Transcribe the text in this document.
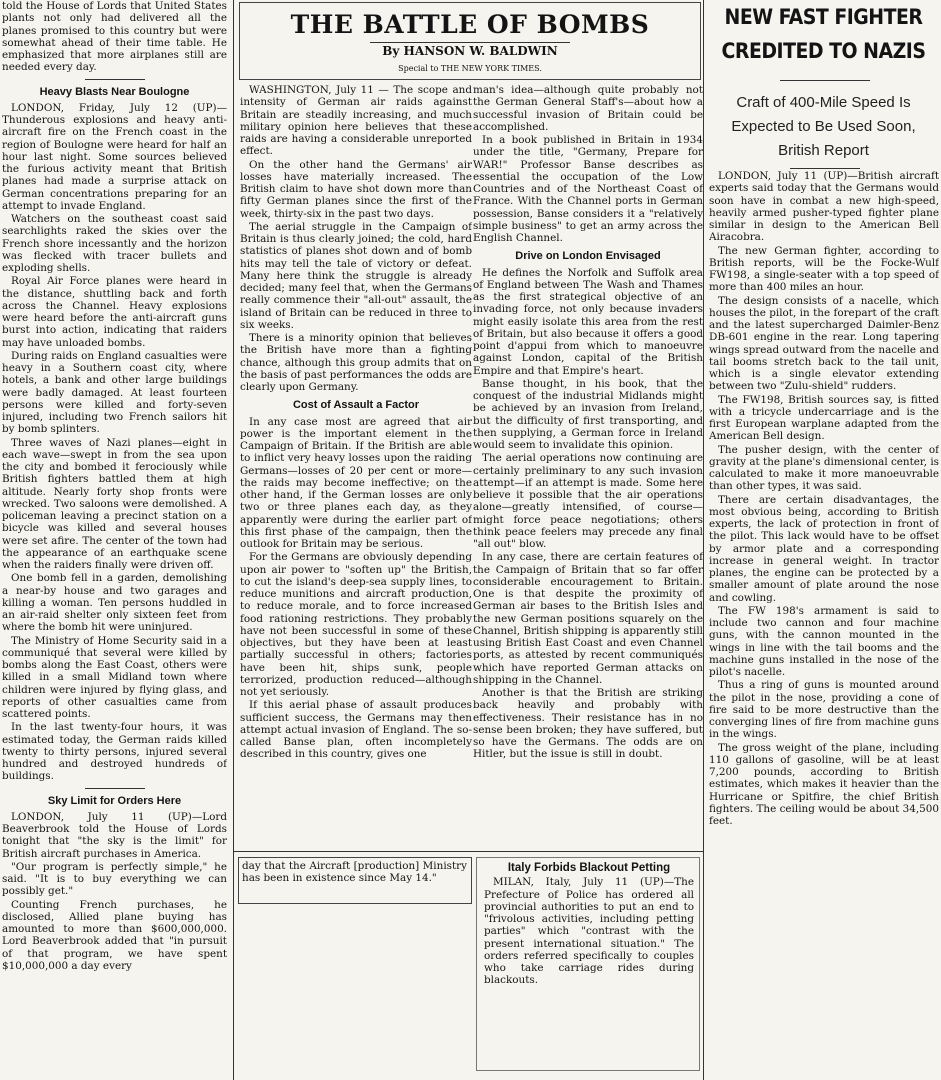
told the House of Lords that United States plants not only had delivered all the planes promised to this country but were somewhat ahead of their time table. He emphasized that more airplanes still are needed every day.

Heavy Blasts Near Boulogne

LONDON, Friday, July 12 (UP)—Thunderous explosions and heavy anti-aircraft fire on the French coast in the region of Boulogne were heard for half an hour last night. Some sources believed the furious activity meant that British planes had made a surprise attack on German concentrations preparing for an attempt to invade England.

Watchers on the southeast coast said searchlights raked the skies over the French shore incessantly and the horizon was flecked with tracer bullets and exploding shells.

Royal Air Force planes were heard in the distance, shuttling back and forth across the Channel. Heavy explosions were heard before the anti-aircraft guns burst into action, indicating that raiders may have unloaded bombs.

During raids on England casualties were heavy in a Southern coast city, where hotels, a bank and other large buildings were badly damaged. At least fourteen persons were killed and forty-seven injured, including two French sailors hit by bomb splinters.

Three waves of Nazi planes—eight in each wave—swept in from the sea upon the city and bombed it ferociously while British fighters battled them at high altitude. Nearly forty shop fronts were wrecked. Two saloons were demolished. A policeman leaving a precinct station on a bicycle was killed and several houses were set afire. The center of the town had the appearance of an earthquake scene when the raiders finally were driven off.

One bomb fell in a garden, demolishing a near-by house and two garages and killing a woman. Ten persons huddled in an air-raid shelter only sixteen feet from where the bomb hit were uninjured.

The Ministry of Home Security said in a communiqué that several were killed by bombs along the East Coast, others were killed in a small Midland town where children were injured by flying glass, and reports of other casualties came from scattered points.

In the last twenty-four hours, it was estimated today, the German raids killed twenty to thirty persons, injured several hundred and destroyed hundreds of buildings.

Sky Limit for Orders Here

LONDON, July 11 (UP)—Lord Beaverbrook told the House of Lords tonight that "the sky is the limit" for British aircraft purchases in America.

"Our program is perfectly simple," he said. "It is to buy everything we can possibly get."

Counting French purchases, he disclosed, Allied plane buying has amounted to more than $600,000,000. Lord Beaverbrook added that "in pursuit of that program, we have spent $10,000,000 a day every

THE BATTLE OF BOMBS
By HANSON W. BALDWIN
Special to THE NEW YORK TIMES.

WASHINGTON, July 11 — The scope and intensity of German air raids against Britain are steadily increasing, and much military opinion here believes that these raids are having a considerable unreported effect.

On the other hand the Germans' air losses have materially increased. The British claim to have shot down more than fifty German planes since the first of the week, thirty-six in the past two days.

The aerial struggle in the Campaign of Britain is thus clearly joined; the cold, hard statistics of planes shot down and of bomb hits may tell the tale of victory or defeat. Many here think the struggle is already decided; many feel that, when the Germans really commence their "all-out" assault, the island of Britain can be reduced in three to six weeks.

There is a minority opinion that believes the British have more than a fighting chance, although this group admits that on the basis of past performances the odds are clearly upon Germany.

Cost of Assault a Factor

In any case most are agreed that air power is the important element in the Campaign of Britain. If the British are able to inflict very heavy losses upon the raiding Germans—losses of 20 per cent or more—the raids may become ineffective; on the other hand, if the German losses are only two or three planes each day, as they apparently were during the earlier part of this first phase of the campaign, then the outlook for Britain may be serious.

For the Germans are obviously depending upon air power to "soften up" the British, to cut the island's deep-sea supply lines, to reduce munitions and aircraft production, to reduce morale, and to force increased food rationing restrictions. They probably have not been successful in some of these objectives, but they have been at least partially successful in others; factories have been hit, ships sunk, people terrorized, production reduced—although not yet seriously.

If this aerial phase of assault produces sufficient success, the Germans may then attempt actual invasion of England. The so-called Banse plan, often incompletely described in this country, gives one

man's idea—although quite probably not the German General Staff's—about how a successful invasion of Britain could be accomplished.

In a book published in Britain in 1934 under the title, "Germany, Prepare for WAR!" Professor Banse describes as essential the occupation of the Low Countries and of the Northeast Coast of France. With the Channel ports in German possession, Banse considers it a "relatively simple business" to get an army across the English Channel.

Drive on London Envisaged

He defines the Norfolk and Suffolk area of England between The Wash and Thames as the first strategical objective of an invading force, not only because invaders might easily isolate this area from the rest of Britain, but also because it offers a good point d'appui from which to manoeuvre against London, capital of the British Empire and that Empire's heart.

Banse thought, in his book, that the conquest of the industrial Midlands might be achieved by an invasion from Ireland, but the difficulty of first transporting, and then supplying, a German force in Ireland would seem to invalidate this opinion.

The aerial operations now continuing are certainly preliminary to any such invasion attempt—if an attempt is made. Some here believe it possible that the air operations alone—greatly intensified, of course—might force peace negotiations; others think peace feelers may precede any final "all out" blow.

In any case, there are certain features of the Campaign of Britain that so far offer considerable encouragement to Britain. One is that despite the proximity of German air bases to the British Isles and the new German positions squarely on the Channel, British shipping is apparently still using British East Coast and even Channel ports, as attested by recent communiqués which have reported German attacks on shipping in the Channel.

Another is that the British are striking back heavily and probably with effectiveness. Their resistance has in no sense been broken; they have suffered, but so have the Germans. The odds are on Hitler, but the issue is still in doubt.

day that the Aircraft [production] Ministry has been in existence since May 14."

Italy Forbids Blackout Petting

MILAN, Italy, July 11 (UP)—The Prefecture of Police has ordered all provincial authorities to put an end to "frivolous activities, including petting parties" which "contrast with the present international situation." The orders referred specifically to couples who take carriage rides during blackouts.

NEW FAST FIGHTER
CREDITED TO NAZIS
Craft of 400-Mile Speed Is
Expected to Be Used Soon,
British Report

LONDON, July 11 (UP)—British aircraft experts said today that the Germans would soon have in combat a new high-speed, heavily armed pusher-typed fighter plane similar in design to the American Bell Airacobra.

The new German fighter, according to British reports, will be the Focke-Wulf FW198, a single-seater with a top speed of more than 400 miles an hour.

The design consists of a nacelle, which houses the pilot, in the forepart of the craft and the latest supercharged Daimler-Benz DB-601 engine in the rear. Long tapering wings spread outward from the nacelle and tail booms stretch back to the tail unit, which is a single elevator extending between two "Zulu-shield" rudders.

The FW198, British sources say, is fitted with a tricycle undercarriage and is the first European warplane adapted from the American Bell design.

The pusher design, with the center of gravity at the plane's dimensional center, is calculated to make it more manoeuvrable than other types, it was said.

There are certain disadvantages, the most obvious being, according to British experts, the lack of protection in front of the pilot. This lack would have to be offset by armor plate and a corresponding increase in general weight. In tractor planes, the engine can be protected by a smaller amount of plate around the nose and cowling.

The FW 198's armament is said to include two cannon and four machine guns, with the cannon mounted in the wings in line with the tail booms and the machine guns installed in the nose of the pilot's nacelle.

Thus a ring of guns is mounted around the pilot in the nose, providing a cone of fire said to be more destructive than the converging lines of fire from machine guns in the wings.

The gross weight of the plane, including 110 gallons of gasoline, will be at least 7,200 pounds, according to British estimates, which makes it heavier than the Hurricane or Spitfire, the chief British fighters. The ceiling would be about 34,500 feet.
